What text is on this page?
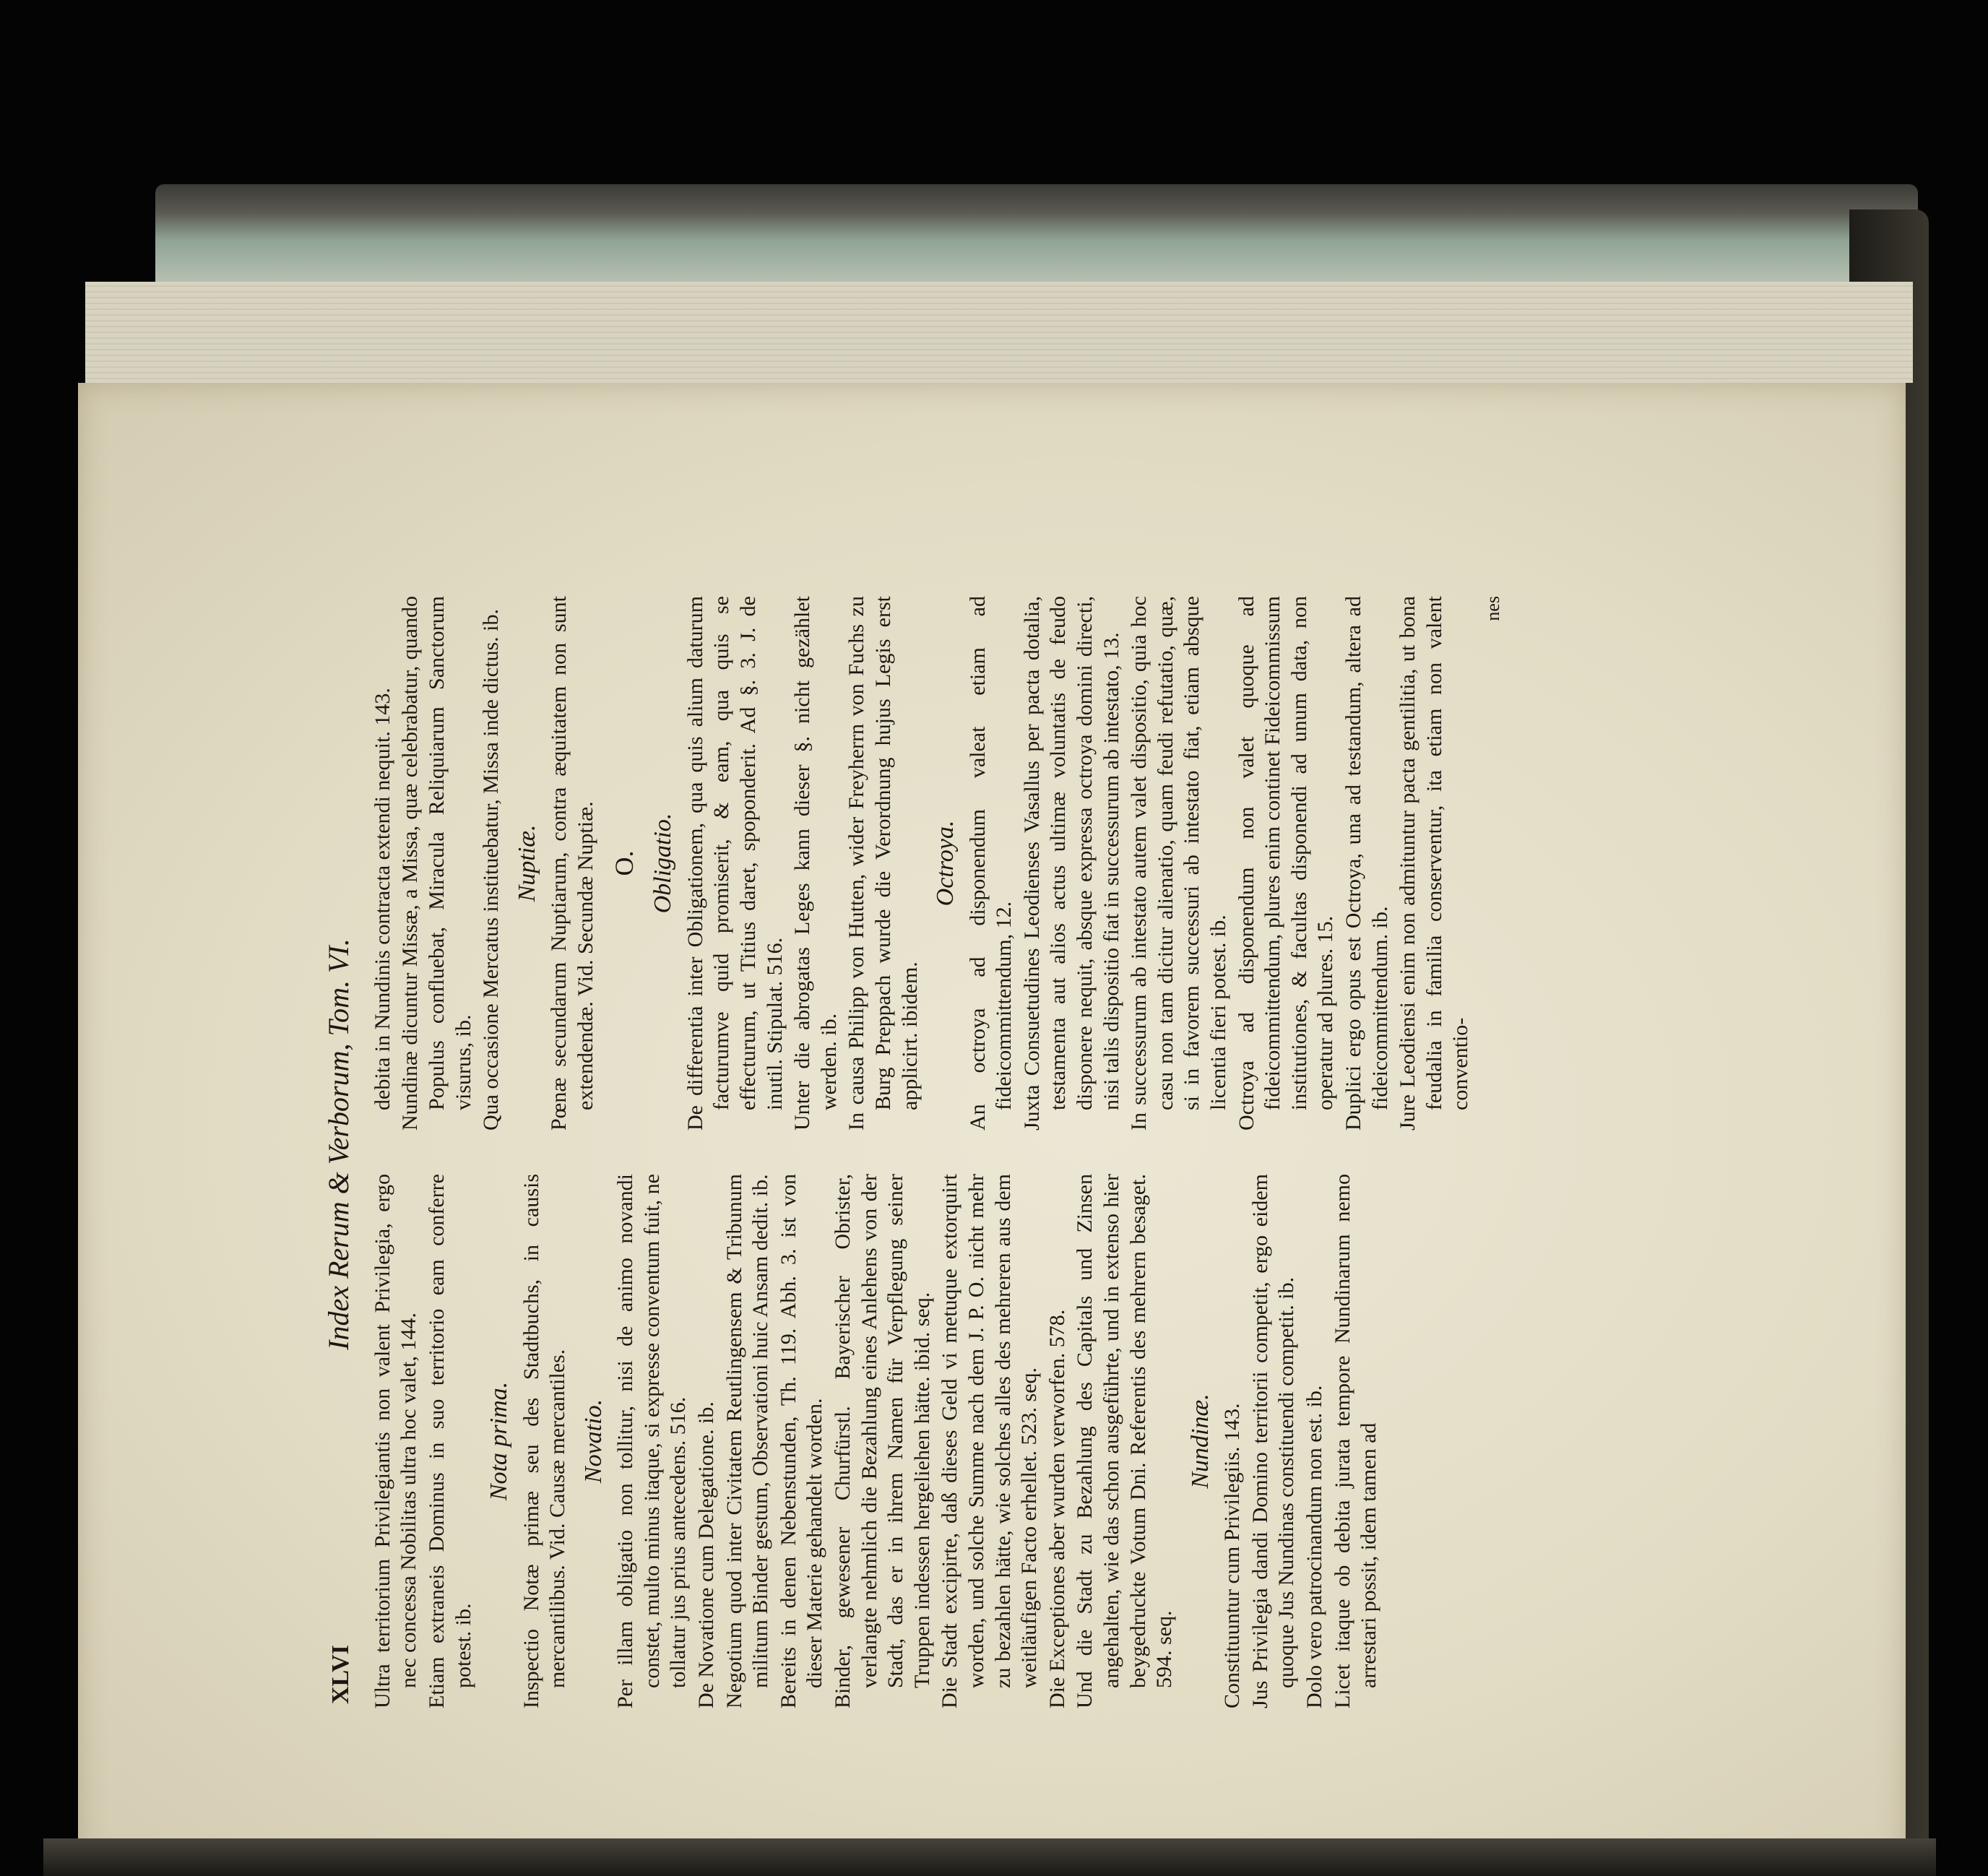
XLVI
Index Rerum & Verborum, Tom. VI.
Ultra territorium Privilegiantis non valent Privilegia, ergo nec concessa Nobilitas ultra hoc valet, 144. Etiam extraneis Dominus in suo territorio eam conferre potest. ib.
Nota prima. Inspectio Notæ primæ seu des Stadtbuchs, in causis mercantilibus. Vid. Causæ mercantiles. Novatio. Per illam obligatio non tollitur, nisi de animo novandi constet, multo minus itaque, si expresse conventum fuit, ne tollatur jus prius antecedens. 516. De Novatione cum Delegatione. ib. Negotium quod inter Civitatem Reutlingensem & Tribunum militum Binder gestum, Observationi huic Ansam dedit. ib. Bereits in denen Nebenstunden, Th. 119. Abh. 3. ist von dieser Materie gehandelt worden. Binder, gewesener Churfürstl. Bayerischer Obrister, verlangte nehmlich die Bezahlung eines Anlehens von der Stadt, das er in ihrem Namen für Verpflegung seiner Truppen indessen hergeliehen hätte. ibid. seq. Die Stadt excipirte, daß dieses Geld vi metuque extorquirt worden, und solche Summe nach dem J. P. O. nicht mehr zu bezahlen hätte, wie solches alles des mehreren aus dem weitläufigen Facto erhellet. 523. seq. Die Exceptiones aber wurden verworfen. 578. Und die Stadt zu Bezahlung des Capitals und Zinsen angehalten, wie das schon ausgeführte, und in extenso hier beygedruckte Votum Dni. Referentis des mehrern besaget. 594. seq.
Nundinæ. Constituuntur cum Privilegiis. 143. Jus Privilegia dandi Domino territorii competit, ergo eidem quoque Jus Nundinas constituendi competit. ib. Dolo vero patrocinandum non est. ib. Licet itaque ob debita jurata tempore Nundinarum nemo arrestari possit, idem tamen ad
debita in Nundinis contracta extendi nequit. 143. Nundinæ dicuntur Missæ, a Missa, quæ celebrabatur, quando Populus confluebat, Miracula Reliquiarum Sanctorum visurus, ib. Qua occasione Mercatus instituebatur, Missa inde dictus. ib. Nuptiæ. Pœnæ secundarum Nuptiarum, contra æquitatem non sunt extendendæ. Vid. Secundæ Nuptiæ. O. Obligatio. De differentia inter Obligationem, qua quis alium daturum facturumve quid promiserit, & eam, qua quis se effecturum, ut Titius daret, spoponderit. Ad §. 3. J. de inutil. Stipulat. 516. Unter die abrogatas Leges kann dieser §. nicht gezählet werden. ib. In causa Philipp von Hutten, wider Freyherrn von Fuchs zu Burg Preppach wurde die Verordnung hujus Legis erst applicirt. ibidem.
Octroya. An octroya ad disponendum valeat etiam ad fideicommittendum, 12. Juxta Consuetudines Leodienses Vasallus per pacta dotalia, testamenta aut alios actus ultimæ voluntatis de feudo disponere nequit, absque expressa octroya domini directi, nisi talis dispositio fiat in successurum ab intestato, 13. In successurum ab intestato autem valet dispositio, quia hoc casu non tam dicitur alienatio, quam feudi refutatio, quæ, si in favorem successuri ab intestato fiat, etiam absque licentia fieri potest. ib. Octroya ad disponendum non valet quoque ad fideicommittendum, plures enim continet Fideicommissum institutiones, & facultas disponendi ad unum data, non operatur ad plures. 15. Duplici ergo opus est Octroya, una ad testandum, altera ad fideicommittendum. ib. Jure Leodiensi enim non admituntur pacta gentilitia, ut bona feudalia in familia conserventur, ita etiam non valent conventio-
nes
